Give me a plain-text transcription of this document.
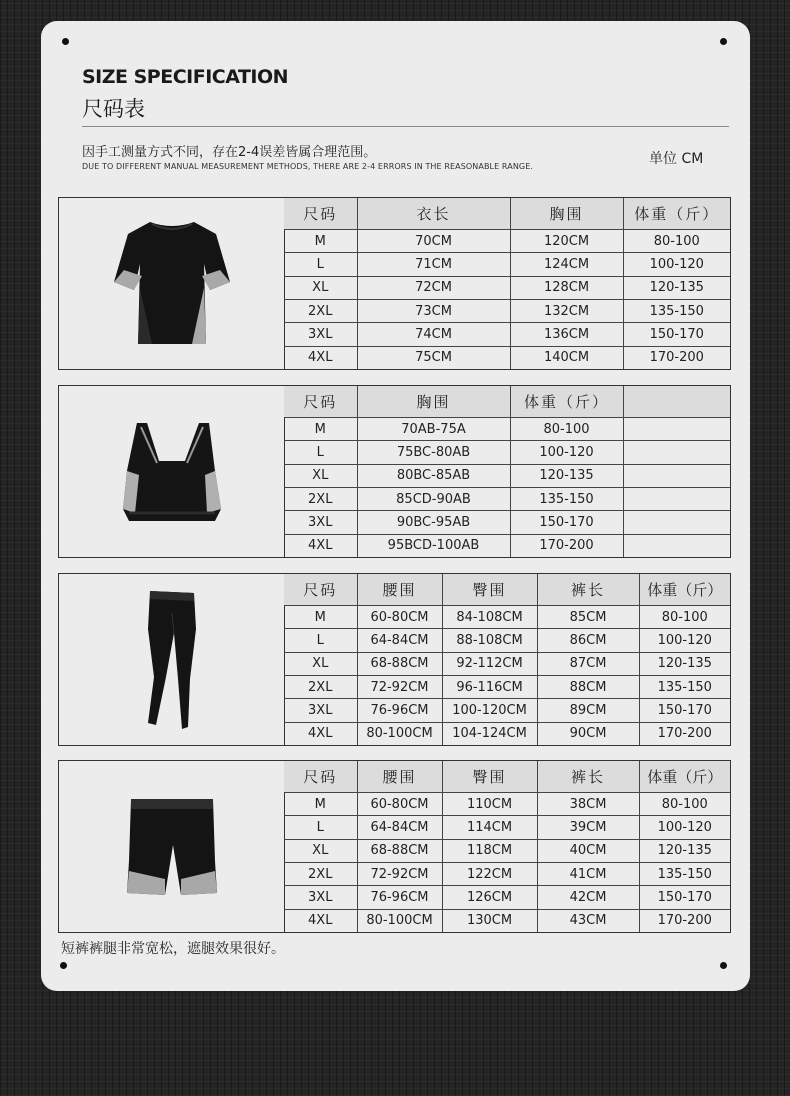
SIZE SPECIFICATION
尺码表
因手工测量方式不同，存在2-4误差皆属合理范围。
DUE TO DIFFERENT MANUAL MEASUREMENT METHODS, THERE ARE 2-4 ERRORS IN THE REASONABLE RANGE.	单位 CM
尺码	衣长	胸围	体重（斤）
M	70CM	120CM	80-100
L	71CM	124CM	100-120
XL	72CM	128CM	120-135
2XL	73CM	132CM	135-150
3XL	74CM	136CM	150-170
4XL	75CM	140CM	170-200
尺码	胸围	体重（斤）	
M	70AB-75A	80-100	
L	75BC-80AB	100-120	
XL	80BC-85AB	120-135	
2XL	85CD-90AB	135-150	
3XL	90BC-95AB	150-170	
4XL	95BCD-100AB	170-200	
尺码	腰围	臀围	裤长	体重（斤）
M	60-80CM	84-108CM	85CM	80-100
L	64-84CM	88-108CM	86CM	100-120
XL	68-88CM	92-112CM	87CM	120-135
2XL	72-92CM	96-116CM	88CM	135-150
3XL	76-96CM	100-120CM	89CM	150-170
4XL	80-100CM	104-124CM	90CM	170-200
尺码	腰围	臀围	裤长	体重（斤）
M	60-80CM	110CM	38CM	80-100
L	64-84CM	114CM	39CM	100-120
XL	68-88CM	118CM	40CM	120-135
2XL	72-92CM	122CM	41CM	135-150
3XL	76-96CM	126CM	42CM	150-170
4XL	80-100CM	130CM	43CM	170-200
短裤裤腿非常宽松，遮腿效果很好。
